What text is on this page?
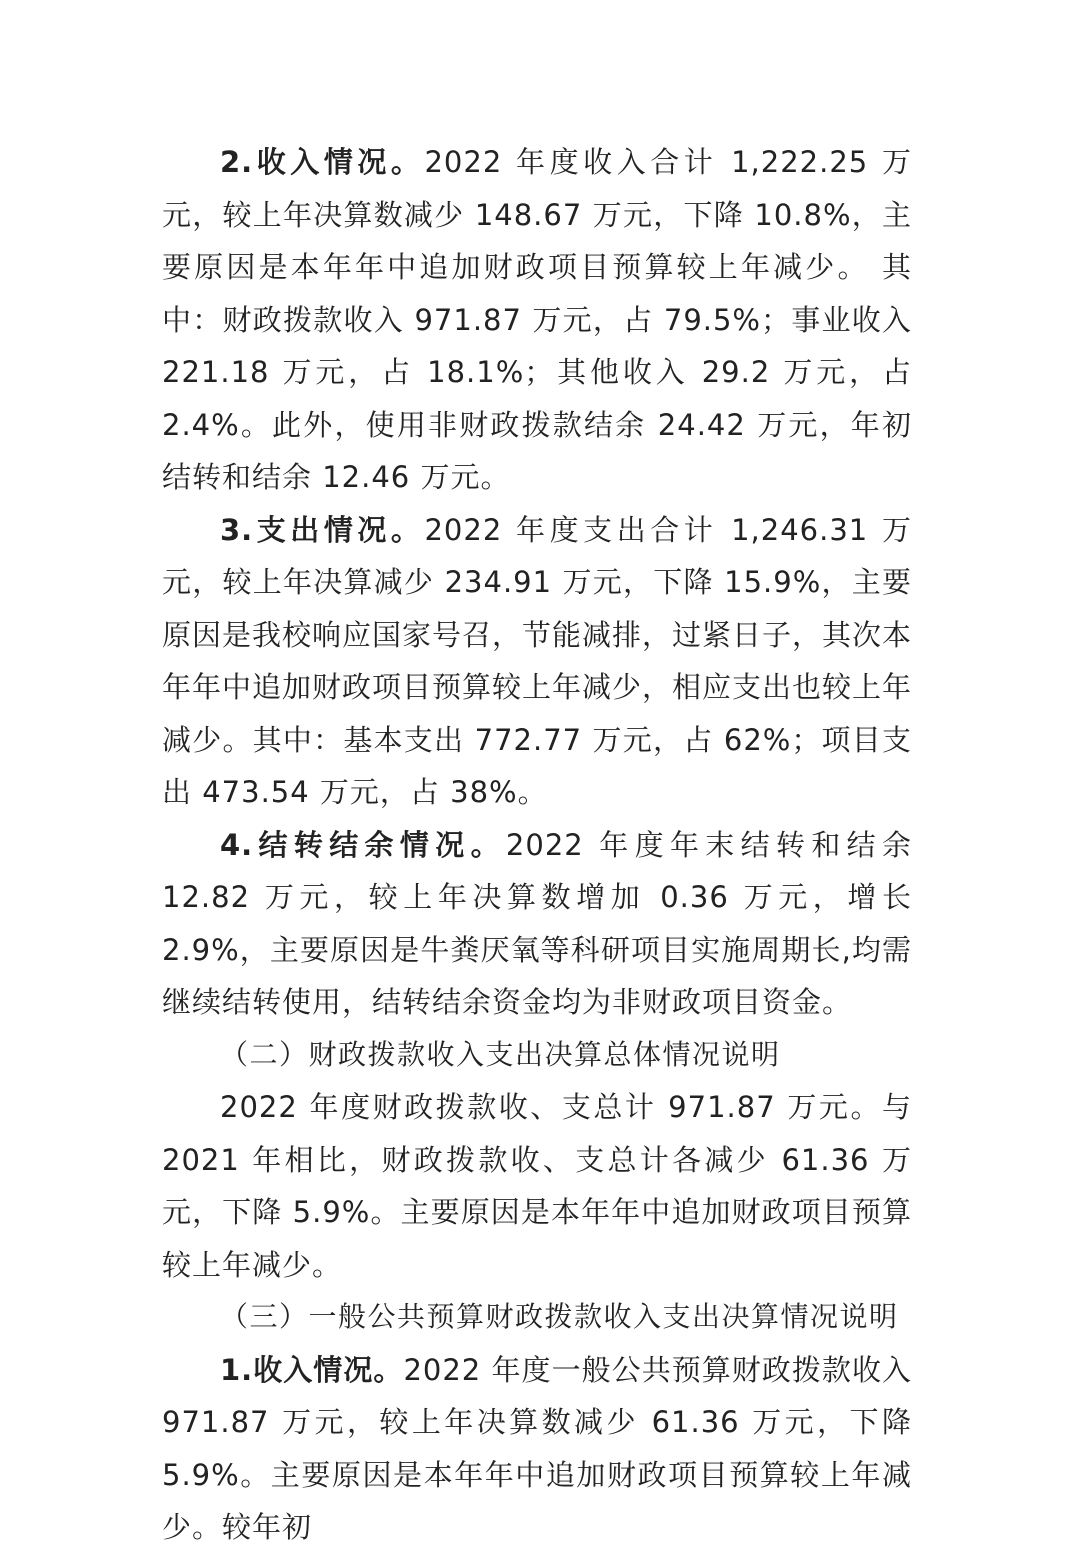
2.收入情况。2022 年度收入合计 1,222.25 万元，较上年决算数减少 148.67 万元，下降 10.8%，主要原因是本年年中追加财政项目预算较上年减少。 其中：财政拨款收入 971.87 万元，占 79.5%；事业收入 221.18 万元，占 18.1%；其他收入 29.2 万元，占 2.4%。此外，使用非财政拨款结余 24.42 万元，年初结转和结余 12.46 万元。

3.支出情况。2022 年度支出合计 1,246.31 万元，较上年决算减少 234.91 万元，下降 15.9%，主要原因是我校响应国家号召，节能减排，过紧日子，其次本年年中追加财政项目预算较上年减少，相应支出也较上年减少。其中：基本支出 772.77 万元，占 62%；项目支出 473.54 万元，占 38%。

4.结转结余情况。2022 年度年末结转和结余 12.82 万元，较上年决算数增加 0.36 万元，增长 2.9%，主要原因是牛粪厌氧等科研项目实施周期长,均需继续结转使用，结转结余资金均为非财政项目资金。

（二）财政拨款收入支出决算总体情况说明

2022 年度财政拨款收、支总计 971.87 万元。与 2021 年相比，财政拨款收、支总计各减少 61.36 万元，下降 5.9%。主要原因是本年年中追加财政项目预算较上年减少。

（三）一般公共预算财政拨款收入支出决算情况说明

1.收入情况。2022 年度一般公共预算财政拨款收入 971.87 万元，较上年决算数减少 61.36 万元，下降 5.9%。主要原因是本年年中追加财政项目预算较上年减少。较年初
